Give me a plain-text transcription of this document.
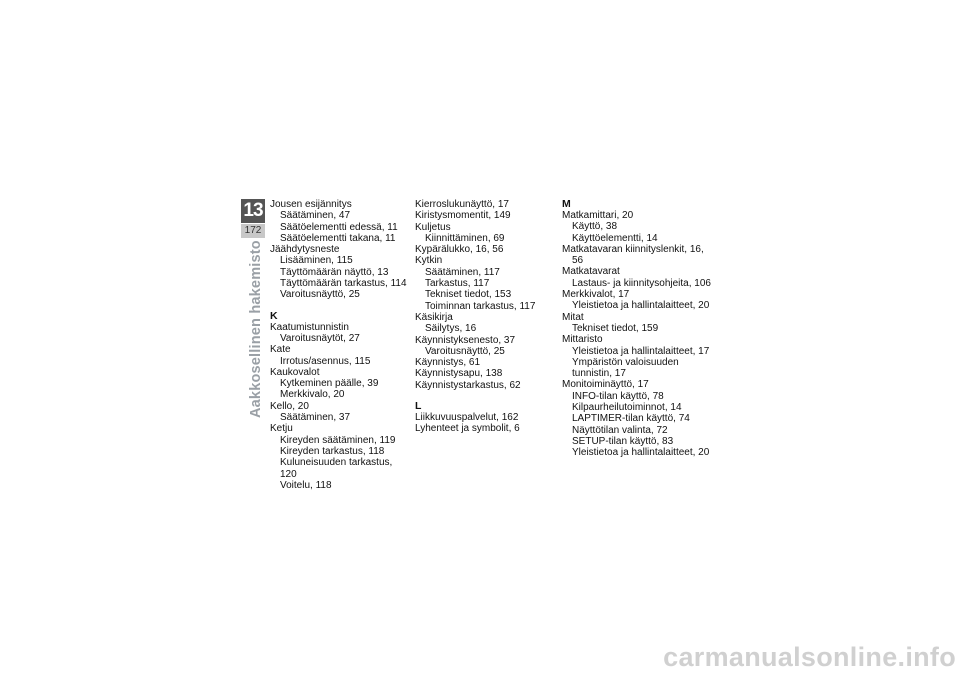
13
172
Aakkosellinen hakemisto
Jousen esijännitys
Säätäminen, 47
Säätöelementti edessä, 11
Säätöelementti takana, 11
Jäähdytysneste
Lisääminen, 115
Täyttömäärän näyttö, 13
Täyttömäärän tarkastus, 114
Varoitusnäyttö, 25
K
Kaatumistunnistin
Varoitusnäytöt, 27
Kate
Irrotus/asennus, 115
Kaukovalot
Kytkeminen päälle, 39
Merkkivalo, 20
Kello, 20
Säätäminen, 37
Ketju
Kireyden säätäminen, 119
Kireyden tarkastus, 118
Kuluneisuuden tarkastus, 120
Voitelu, 118
Kierroslukunäyttö, 17
Kiristysmomentit, 149
Kuljetus
Kiinnittäminen, 69
Kypärälukko, 16, 56
Kytkin
Säätäminen, 117
Tarkastus, 117
Tekniset tiedot, 153
Toiminnan tarkastus, 117
Käsikirja
Säilytys, 16
Käynnistyksenesto, 37
Varoitusnäyttö, 25
Käynnistys, 61
Käynnistysapu, 138
Käynnistystarkastus, 62
L
Liikkuvuuspalvelut, 162
Lyhenteet ja symbolit, 6
M
Matkamittari, 20
Käyttö, 38
Käyttöelementti, 14
Matkatavaran kiinnityslenkit, 16,
56
Matkatavarat
Lastaus- ja kiinnitysohjeita, 106
Merkkivalot, 17
Yleistietoa ja hallintalaitteet, 20
Mitat
Tekniset tiedot, 159
Mittaristo
Yleistietoa ja hallintalaitteet, 17
Ympäristön valoisuuden
tunnistin, 17
Monitoiminäyttö, 17
INFO-tilan käyttö, 78
Kilpaurheilutoiminnot, 14
LAPTIMER-tilan käyttö, 74
Näyttötilan valinta, 72
SETUP-tilan käyttö, 83
Yleistietoa ja hallintalaitteet, 20
carmanualsonline.info
